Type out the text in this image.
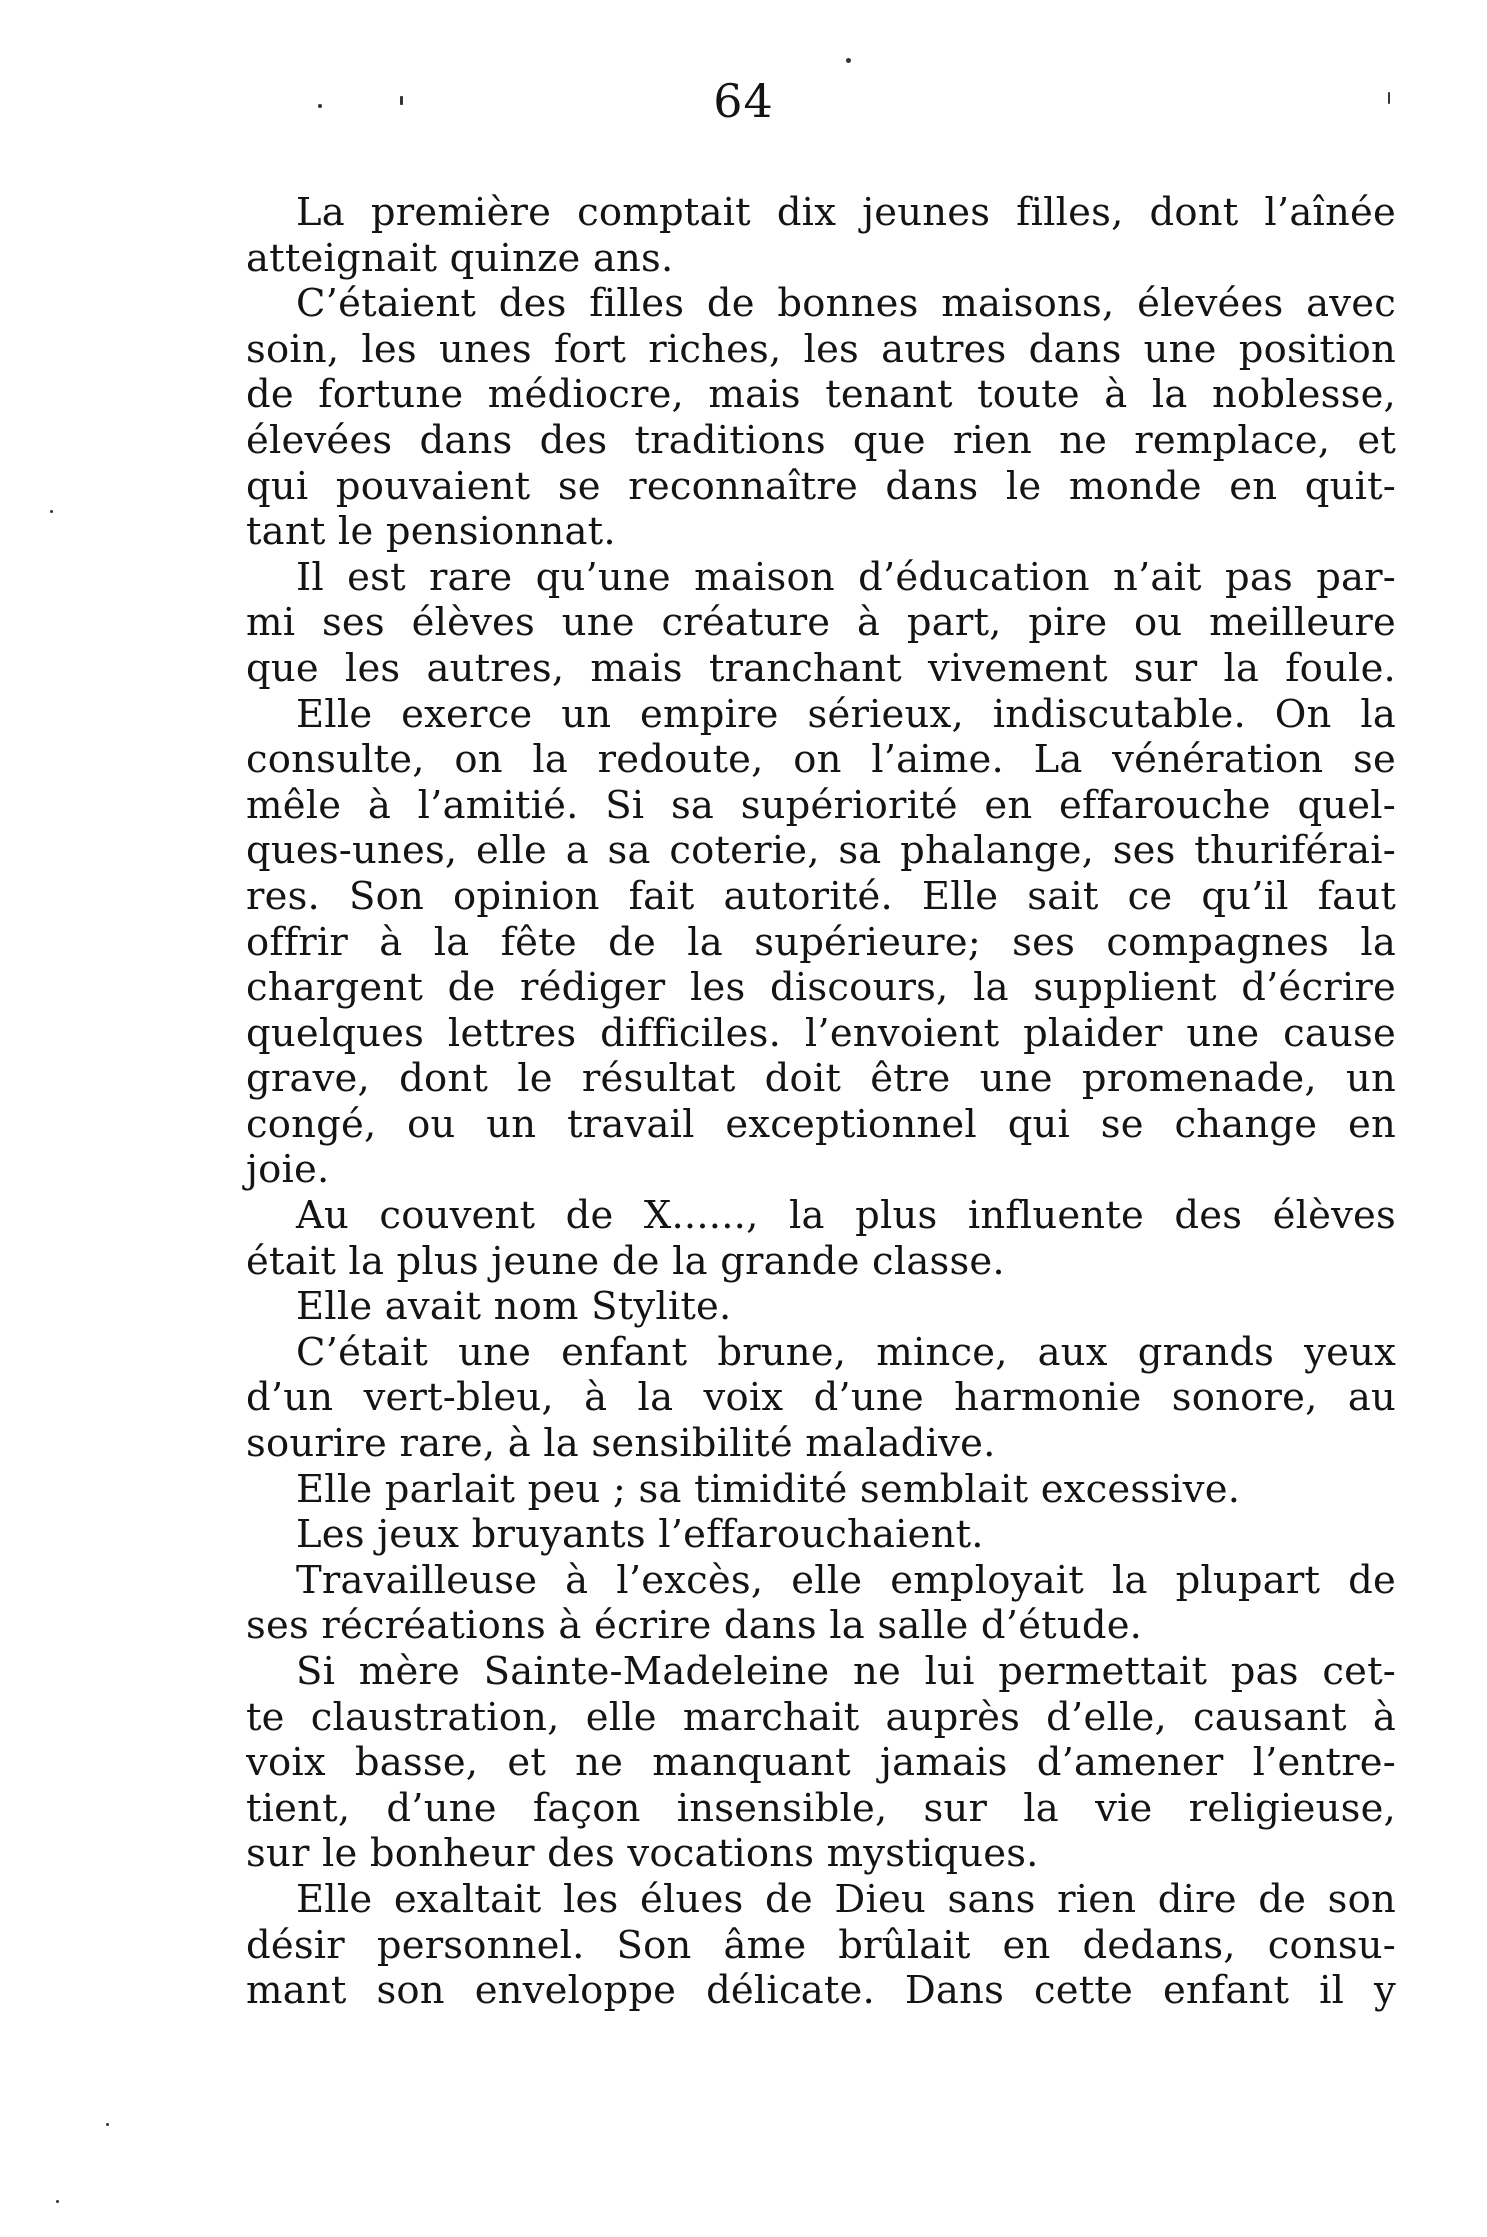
64
La première comptait dix jeunes filles, dont l’aînée
atteignait quinze ans.
C’étaient des filles de bonnes maisons, élevées avec
soin, les unes fort riches, les autres dans une position
de fortune médiocre, mais tenant toute à la noblesse,
élevées dans des traditions que rien ne remplace, et
qui pouvaient se reconnaître dans le monde en quit-
tant le pensionnat.
Il est rare qu’une maison d’éducation n’ait pas par-
mi ses élèves une créature à part, pire ou meilleure
que les autres, mais tranchant vivement sur la foule.
Elle exerce un empire sérieux, indiscutable. On la
consulte, on la redoute, on l’aime. La vénération se
mêle à l’amitié. Si sa supériorité en effarouche quel-
ques-unes, elle a sa coterie, sa phalange, ses thuriférai-
res. Son opinion fait autorité. Elle sait ce qu’il faut
offrir à la fête de la supérieure; ses compagnes la
chargent de rédiger les discours, la supplient d’écrire
quelques lettres difficiles. l’envoient plaider une cause
grave, dont le résultat doit être une promenade, un
congé, ou un travail exceptionnel qui se change en
joie.
Au couvent de X......, la plus influente des élèves
était la plus jeune de la grande classe.
Elle avait nom Stylite.
C’était une enfant brune, mince, aux grands yeux
d’un vert-bleu, à la voix d’une harmonie sonore, au
sourire rare, à la sensibilité maladive.
Elle parlait peu ; sa timidité semblait excessive.
Les jeux bruyants l’effarouchaient.
Travailleuse à l’excès, elle employait la plupart de
ses récréations à écrire dans la salle d’étude.
Si mère Sainte-Madeleine ne lui permettait pas cet-
te claustration, elle marchait auprès d’elle, causant à
voix basse, et ne manquant jamais d’amener l’entre-
tient, d’une façon insensible, sur la vie religieuse,
sur le bonheur des vocations mystiques.
Elle exaltait les élues de Dieu sans rien dire de son
désir personnel. Son âme brûlait en dedans, consu-
mant son enveloppe délicate. Dans cette enfant il y
